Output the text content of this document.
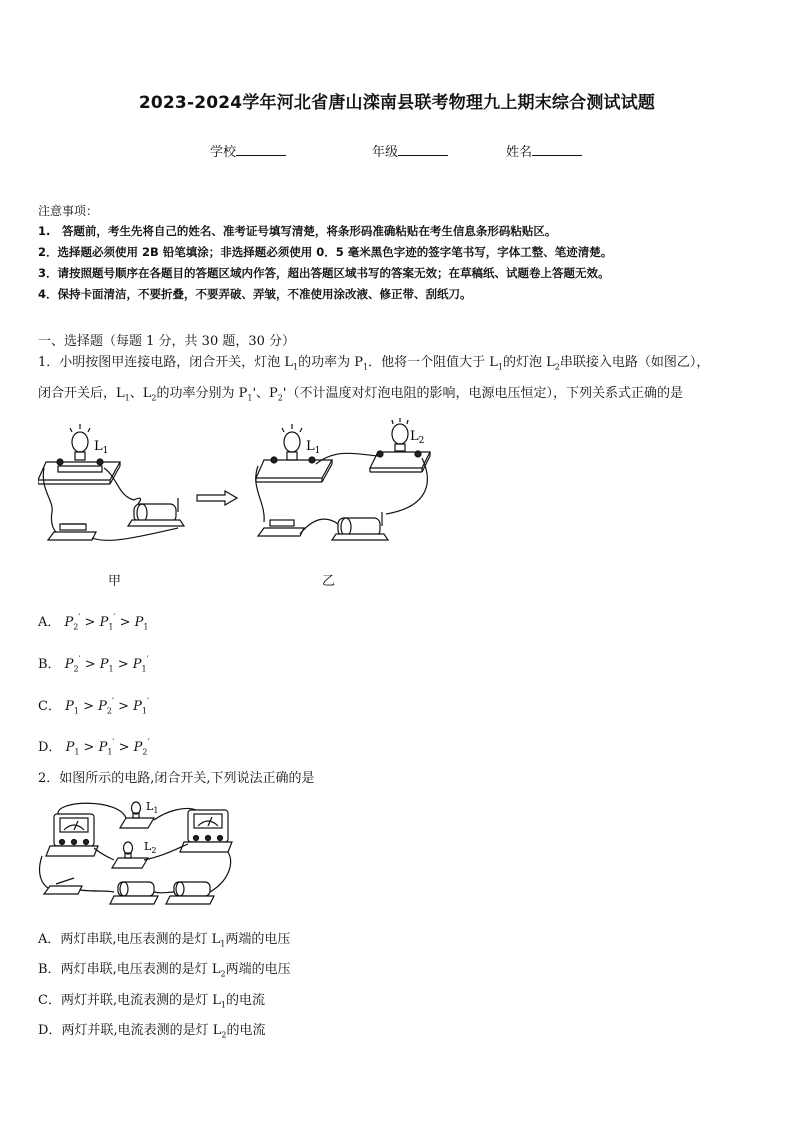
2023-2024学年河北省唐山滦南县联考物理九上期末综合测试试题
学校	年级	姓名
注意事项：
1.　答题前，考生先将自己的姓名、准考证号填写清楚，将条形码准确粘贴在考生信息条形码粘贴区。
2．选择题必须使用 2B 铅笔填涂；非选择题必须使用 0．5 毫米黑色字迹的签字笔书写，字体工整、笔迹清楚。
3．请按照题号顺序在各题目的答题区域内作答，超出答题区域书写的答案无效；在草稿纸、试题卷上答题无效。
4．保持卡面清洁，不要折叠，不要弄破、弄皱，不准使用涂改液、修正带、刮纸刀。
一、选择题（每题 1 分，共 30 题，30 分）
1．小明按图甲连接电路，闭合开关，灯泡 $L_1$的功率为 $P_1$．他将一个阻值大于 $L_1$的灯泡 $L_2$串联接入电路（如图乙），
闭合开关后，$L_1$、$L_2$的功率分别为 $P_1'$、$P_2'$（不计温度对灯泡电阻的影响，电源电压恒定），下列关系式正确的是
$L_1$	$L_1$
$L_2$
甲	乙
A． $P_2' > P_1' > P_1$
B． $P_2' > P_1 > P_1'$
C． $P_1 > P_2' > P_1'$
D． $P_1 > P_1' > P_2'$
2．如图所示的电路,闭合开关,下列说法正确的是
$L_1$
$L_2$
A．两灯串联,电压表测的是灯 $L_1$两端的电压
B．两灯串联,电压表测的是灯 $L_2$两端的电压
C．两灯并联,电流表测的是灯 $L_1$的电流
D．两灯并联,电流表测的是灯 $L_2$的电流
